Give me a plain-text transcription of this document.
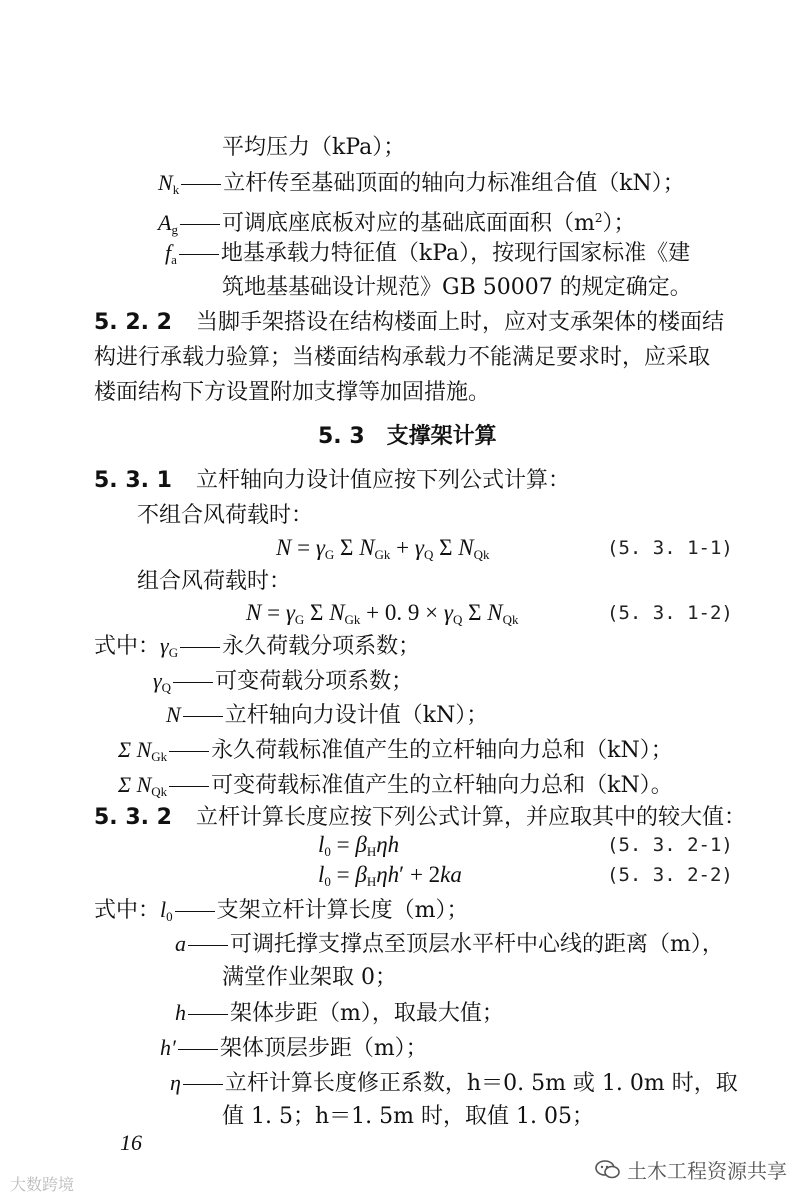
平均压力（kPa）；
$N_k$ 立杆传至基础顶面的轴向力标准组合值（kN）；
$A_g$ 可调底座底板对应的基础底面面积$(m^2)$；
$f_a$ 地基承载力特征值（kPa），按现行国家标准《建
筑地基基础设计规范》GB 50007 的规定确定。
5. 2. 2 当脚手架搭设在结构楼面上时，应对支承架体的楼面结
构进行承载力验算；当楼面结构承载力不能满足要求时，应采取
楼面结构下方设置附加支撑等加固措施。
5. 3　支撑架计算
5. 3. 1 立杆轴向力设计值应按下列公式计算：
不组合风荷载时：
$N = \gamma_G$ Σ $N_{Gk} + \gamma_Q$ Σ $N_{Qk}$	(5. 3. 1-1)
组合风荷载时：
$N = \gamma_G$ Σ $N_{Gk} + 0$. $9 \times \gamma_Q$ Σ $N_{Qk}$	(5. 3. 1-2)
式中：$\gamma_G$ 永久荷载分项系数；
$\gamma_Q$ 可变荷载分项系数；
N 立杆轴向力设计值（kN）；
Σ $N_{Gk}$ 永久荷载标准值产生的立杆轴向力总和（kN）；
Σ $N_{Qk}$ 可变荷载标准值产生的立杆轴向力总和（kN）。
5. 3. 2 立杆计算长度应按下列公式计算，并应取其中的较大值：
$l_0 = \beta_H\eta h$	(5. 3. 2-1)
$l_0 = \beta_H\eta h' + 2ka$	(5. 3. 2-2)
式中：$l_0$ 支架立杆计算长度（m）；
a 可调托撑支撑点至顶层水平杆中心线的距离（m），
满堂作业架取 0；
h 架体步距（m），取最大值；
h′ 架体顶层步距（m）；
η 立杆计算长度修正系数，h＝0. 5m 或 1. 0m 时，取
值 1. 5；h＝1. 5m 时，取值 1. 05；
16
大数跨境
土木工程资源共享
